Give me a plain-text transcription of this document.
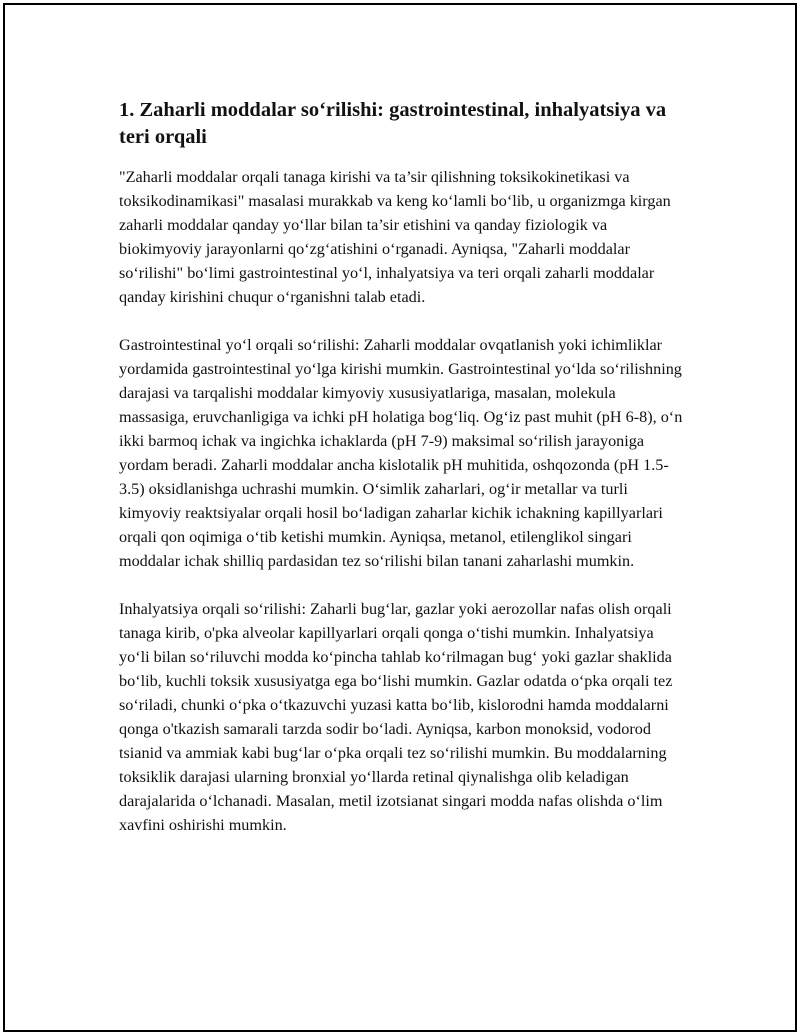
1. Zaharli moddalar so‘rilishi: gastrointestinal, inhalyatsiya va teri orqali

"Zaharli moddalar orqali tanaga kirishi va ta’sir qilishning toksikokinetikasi va toksikodinamikasi" masalasi murakkab va keng ko‘lamli bo‘lib, u organizmga kirgan zaharli moddalar qanday yo‘llar bilan ta’sir etishini va qanday fiziologik va biokimyoviy jarayonlarni qo‘zg‘atishini o‘rganadi. Ayniqsa, "Zaharli moddalar so‘rilishi" bo‘limi gastrointestinal yo‘l, inhalyatsiya va teri orqali zaharli moddalar qanday kirishini chuqur o‘rganishni talab etadi.

Gastrointestinal yo‘l orqali so‘rilishi: Zaharli moddalar ovqatlanish yoki ichimliklar yordamida gastrointestinal yo‘lga kirishi mumkin. Gastrointestinal yo‘lda so‘rilishning darajasi va tarqalishi moddalar kimyoviy xususiyatlariga, masalan, molekula massasiga, eruvchanligiga va ichki pH holatiga bog‘liq. Og‘iz past muhit (pH 6-8), o‘n ikki barmoq ichak va ingichka ichaklarda (pH 7-9) maksimal so‘rilish jarayoniga yordam beradi. Zaharli moddalar ancha kislotalik pH muhitida, oshqozonda (pH 1.5-3.5) oksidlanishga uchrashi mumkin. O‘simlik zaharlari, og‘ir metallar va turli kimyoviy reaktsiyalar orqali hosil bo‘ladigan zaharlar kichik ichakning kapillyarlari orqali qon oqimiga o‘tib ketishi mumkin. Ayniqsa, metanol, etilenglikol singari moddalar ichak shilliq pardasidan tez so‘rilishi bilan tanani zaharlashi mumkin.

Inhalyatsiya orqali so‘rilishi: Zaharli bug‘lar, gazlar yoki aerozollar nafas olish orqali tanaga kirib, o'pka alveolar kapillyarlari orqali qonga o‘tishi mumkin. Inhalyatsiya yo‘li bilan so‘riluvchi modda ko‘pincha tahlab ko‘rilmagan bug‘ yoki gazlar shaklida bo‘lib, kuchli toksik xususiyatga ega bo‘lishi mumkin. Gazlar odatda o‘pka orqali tez so‘riladi, chunki o‘pka o‘tkazuvchi yuzasi katta bo‘lib, kislorodni hamda moddalarni qonga o'tkazish samarali tarzda sodir bo‘ladi. Ayniqsa, karbon monoksid, vodorod tsianid va ammiak kabi bug‘lar o‘pka orqali tez so‘rilishi mumkin. Bu moddalarning toksiklik darajasi ularning bronxial yo‘llarda retinal qiynalishga olib keladigan darajalarida o‘lchanadi. Masalan, metil izotsianat singari modda nafas olishda o‘lim xavfini oshirishi mumkin.
